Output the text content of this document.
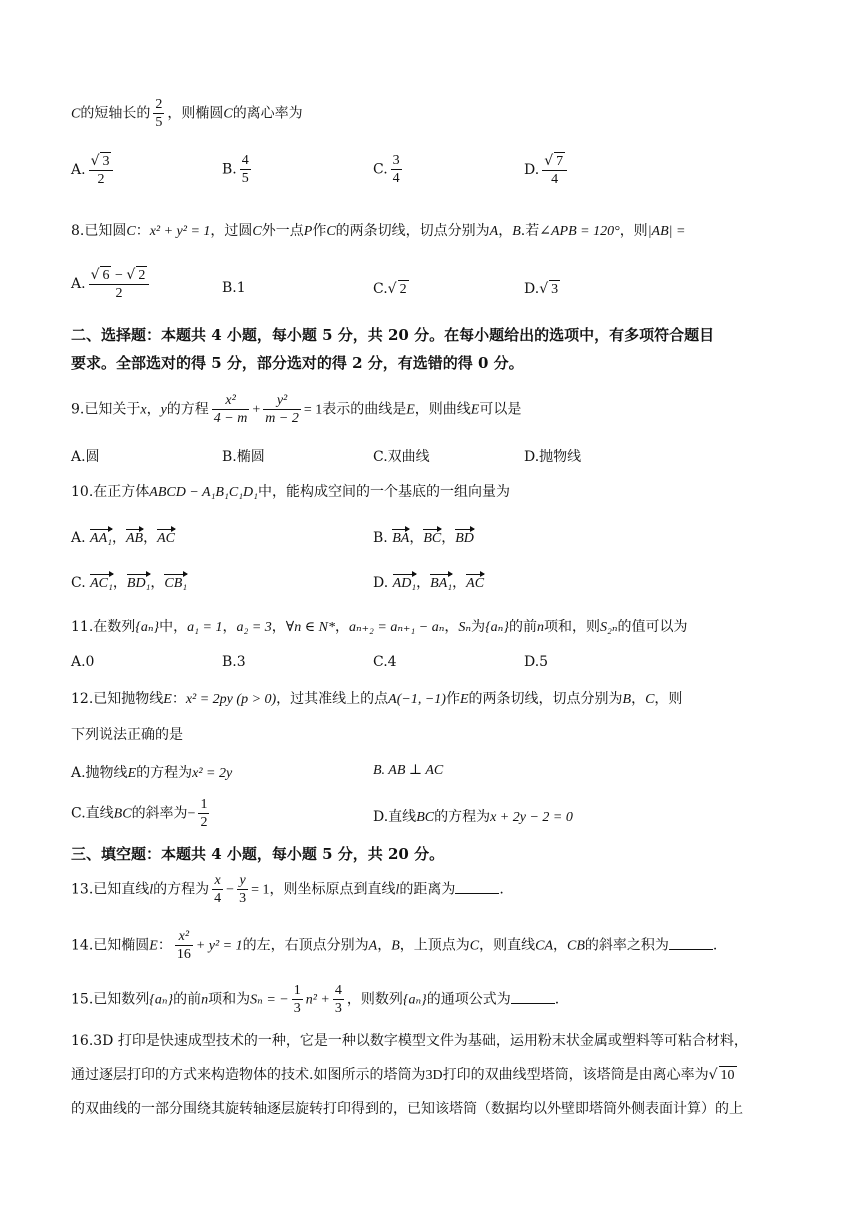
C的短轴长的 $\frac{2}{5}$ ，则椭圆C的离心率为
A. $\frac{√ 3}{2}$	B. $\frac{4}{5}$	C. $\frac{3}{4}$	D. $\frac{√ 7}{4}$
8.已知圆C：x² + y² = 1，过圆C外一点P作C的两条切线，切点分别为A，B.若∠APB = 120°，则|AB| =
A. $\frac{√ 6 - √ 2}{2}$	B.1	C.√ 2	D.√ 3
二、选择题：本题共 4 小题，每小题 5 分，共 20 分。在每小题给出的选项中，有多项符合题目
要求。全部选对的得 5 分，部分选对的得 2 分，有选错的得 0 分。
9.已知关于x，y的方程 $\frac{\text{x²}}{4 - m} + \frac{\text{y²}}{m - 2} = 1$表示的曲线是E，则曲线E可以是
A.圆	B.椭圆	C.双曲线	D.抛物线
10.在正方体ABCD − A₁B₁C₁D₁中，能构成空间的一个基底的一组向量为
A. AA₁，AB，AC	B. BA，BC，BD
C. AC₁，BD₁，CB₁	D. AD₁，BA₁，AC
11.在数列{aₙ}中，a₁ = 1，a₂ = 3，∀n ∈ N*，aₙ₊₂ = aₙ₊₁ − aₙ，Sₙ为{aₙ}的前n项和，则S₂ₙ的值可以为
A.0	B.3	C.4	D.5
12.已知抛物线E：x² = 2py (p > 0)，过其准线上的点A(−1, −1)作E的两条切线，切点分别为B，C，则
下列说法正确的是
A.抛物线E的方程为x² = 2y	B. AB ⊥ AC
C.直线BC的斜率为− $\frac{1}{2}$	D.直线BC的方程为x + 2y − 2 = 0
三、填空题：本题共 4 小题，每小题 5 分，共 20 分。
13.已知直线l的方程为 $\frac{x}{4} - \frac{y}{3} = 1$，则坐标原点到直线l的距离为	.
14.已知椭圆E： $\frac{\text{x²}}{16} + y^2 = 1$的左，右顶点分别为A，B，上顶点为C，则直线CA，CB的斜率之积为	.
15.已知数列{aₙ}的前n项和为Sₙ = − $\frac{1}{3} n^2 + \frac{4}{3}$ ，则数列{aₙ}的通项公式为	.
16.3D 打印是快速成型技术的一种，它是一种以数字模型文件为基础，运用粉末状金属或塑料等可粘合材料，
通过逐层打印的方式来构造物体的技术.如图所示的塔筒为3D打印的双曲线型塔筒，该塔筒是由离心率为√ 10
的双曲线的一部分围绕其旋转轴逐层旋转打印得到的，已知该塔筒（数据均以外壁即塔筒外侧表面计算）的上
